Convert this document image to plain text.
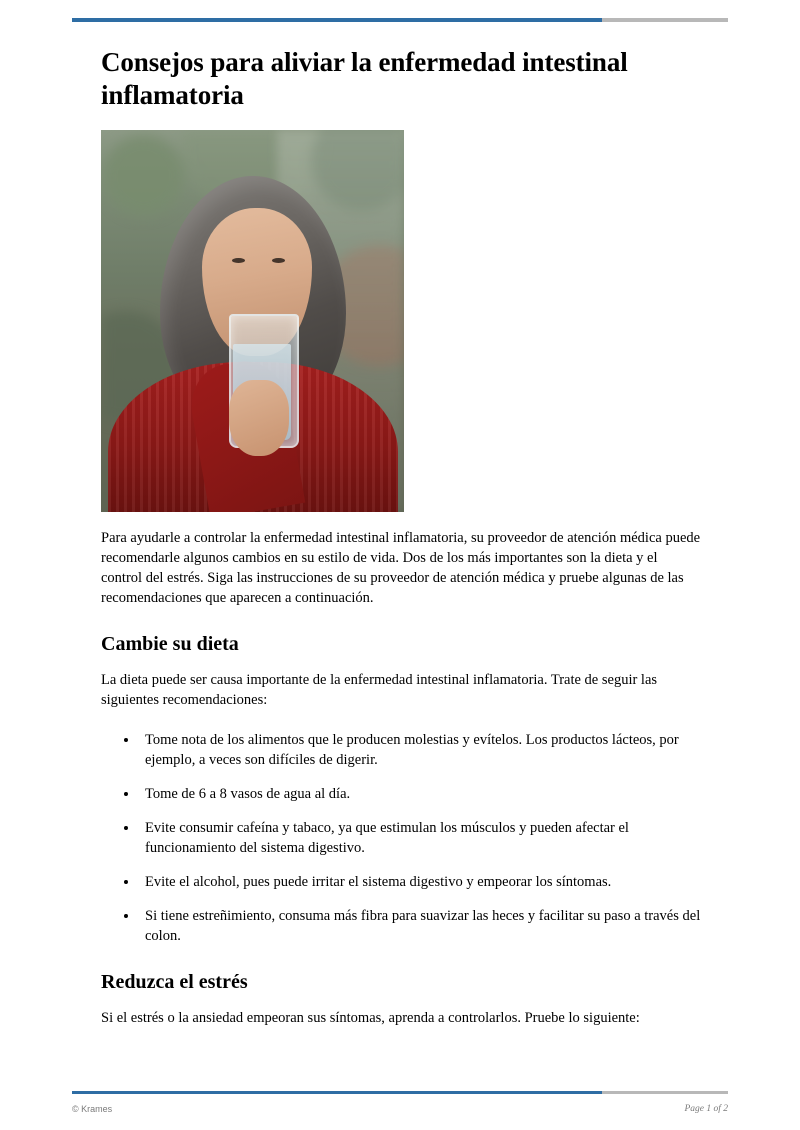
Consejos para aliviar la enfermedad intestinal inflamatoria

Para ayudarle a controlar la enfermedad intestinal inflamatoria, su proveedor de atención médica puede recomendarle algunos cambios en su estilo de vida. Dos de los más importantes son la dieta y el control del estrés. Siga las instrucciones de su proveedor de atención médica y pruebe algunas de las recomendaciones que aparecen a continuación.

Cambie su dieta

La dieta puede ser causa importante de la enfermedad intestinal inflamatoria. Trate de seguir las siguientes recomendaciones:

• Tome nota de los alimentos que le producen molestias y evítelos. Los productos lácteos, por ejemplo, a veces son difíciles de digerir.
• Tome de 6 a 8 vasos de agua al día.
• Evite consumir cafeína y tabaco, ya que estimulan los músculos y pueden afectar el funcionamiento del sistema digestivo.
• Evite el alcohol, pues puede irritar el sistema digestivo y empeorar los síntomas.
• Si tiene estreñimiento, consuma más fibra para suavizar las heces y facilitar su paso a través del colon.
Reduzca el estrés

Si el estrés o la ansiedad empeoran sus síntomas, aprenda a controlarlos. Pruebe lo siguiente:

© Krames	Page 1 of 2
